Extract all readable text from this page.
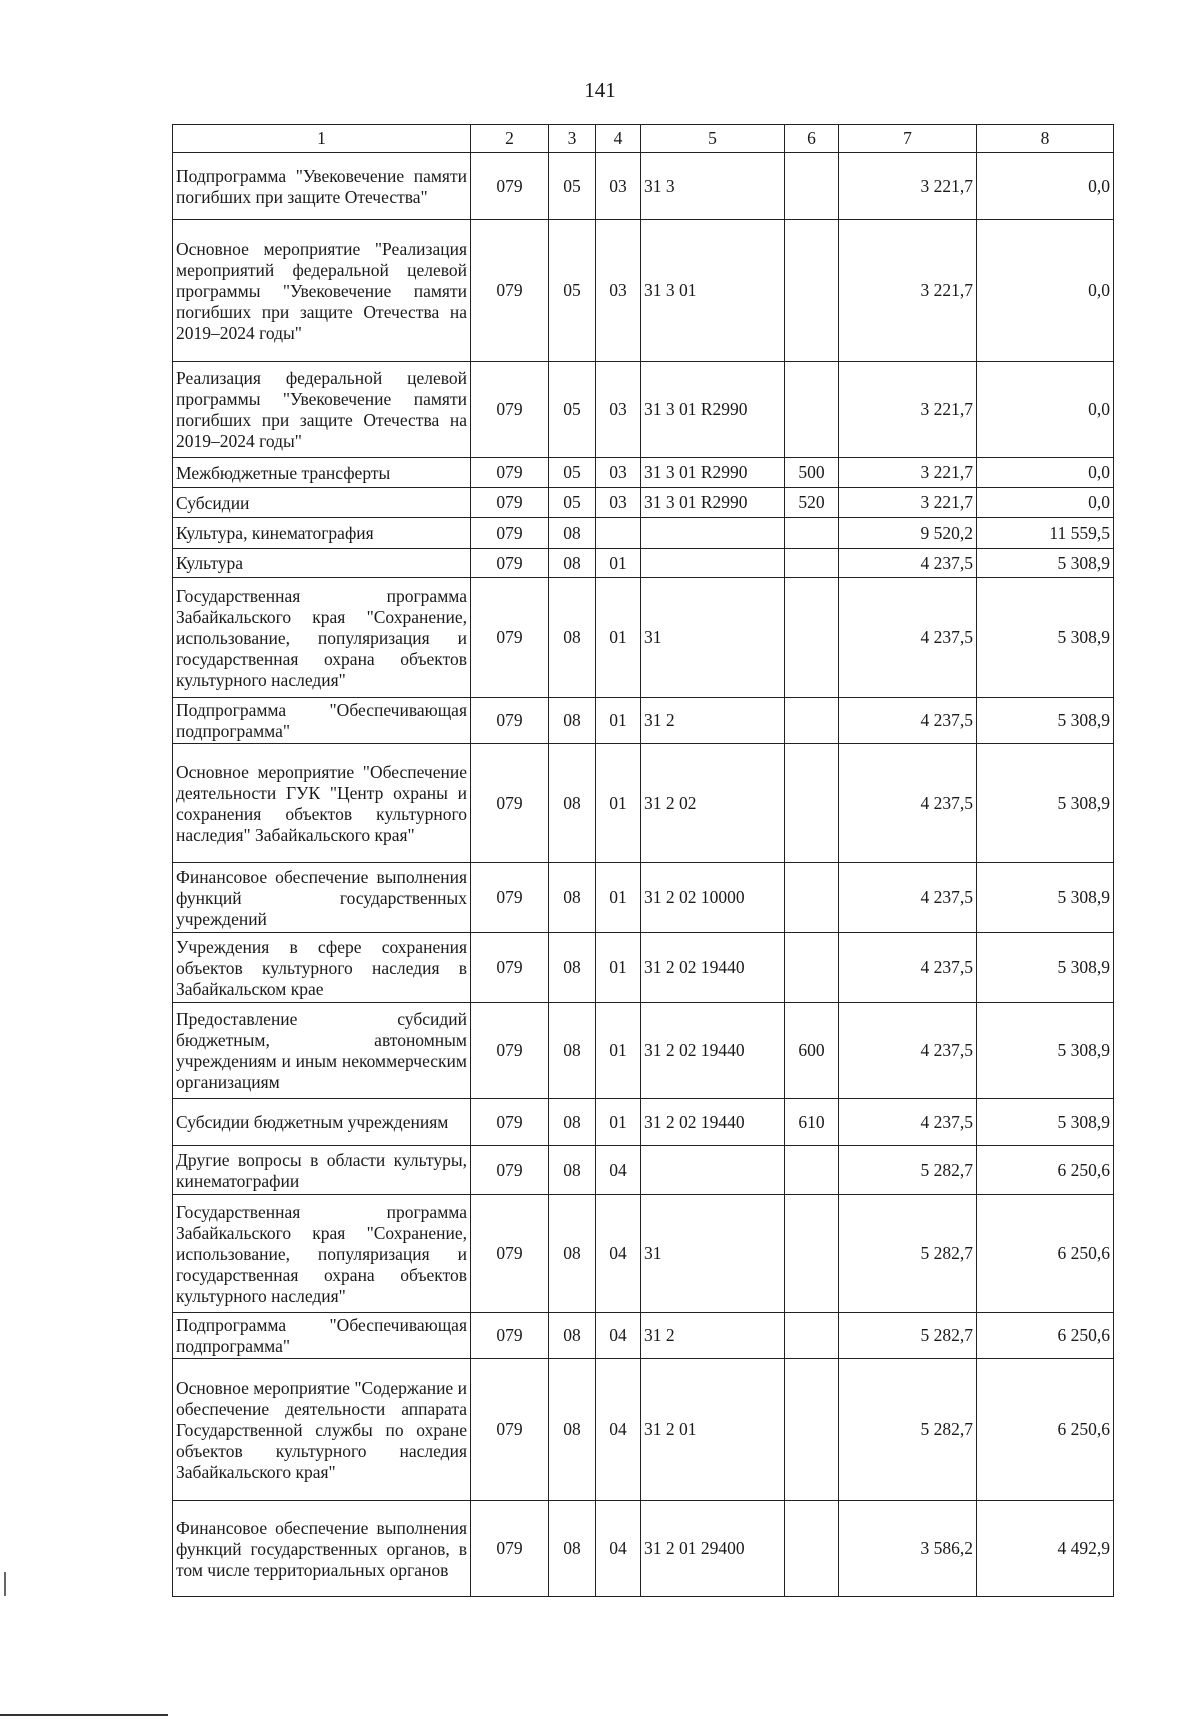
141
1	2	3	4	5	6	7	8
Подпрограмма "Увековечение памяти погибших при защите Отечества"	079	05	03	31 3		3 221,7	0,0
Основное мероприятие "Реализация мероприятий федеральной целевой программы "Увековечение памяти погибших при защите Отечества на 2019–2024 годы"	079	05	03	31 3 01		3 221,7	0,0
Реализация федеральной целевой программы "Увековечение памяти погибших при защите Отечества на 2019–2024 годы"	079	05	03	31 3 01 R2990		3 221,7	0,0
Межбюджетные трансферты	079	05	03	31 3 01 R2990	500	3 221,7	0,0
Субсидии	079	05	03	31 3 01 R2990	520	3 221,7	0,0
Культура, кинематография	079	08				9 520,2	11 559,5
Культура	079	08	01			4 237,5	5 308,9
Государственная программа Забайкальского края "Сохранение, использование, популяризация и государственная охрана объектов культурного наследия"	079	08	01	31		4 237,5	5 308,9
Подпрограмма "Обеспечивающая подпрограмма"	079	08	01	31 2		4 237,5	5 308,9
Основное мероприятие "Обеспечение деятельности ГУК "Центр охраны и сохранения объектов культурного наследия" Забайкальского края"	079	08	01	31 2 02		4 237,5	5 308,9
Финансовое обеспечение выполнения функций государственных учреждений	079	08	01	31 2 02 10000		4 237,5	5 308,9
Учреждения в сфере сохранения объектов культурного наследия в Забайкальском крае	079	08	01	31 2 02 19440		4 237,5	5 308,9
Предоставление субсидий бюджетным, автономным учреждениям и иным некоммерческим организациям	079	08	01	31 2 02 19440	600	4 237,5	5 308,9
Субсидии бюджетным учреждениям	079	08	01	31 2 02 19440	610	4 237,5	5 308,9
Другие вопросы в области культуры, кинематографии	079	08	04			5 282,7	6 250,6
Государственная программа Забайкальского края "Сохранение, использование, популяризация и государственная охрана объектов культурного наследия"	079	08	04	31		5 282,7	6 250,6
Подпрограмма "Обеспечивающая подпрограмма"	079	08	04	31 2		5 282,7	6 250,6
Основное мероприятие "Содержание и обеспечение деятельности аппарата Государственной службы по охране объектов культурного наследия Забайкальского края"	079	08	04	31 2 01		5 282,7	6 250,6
Финансовое обеспечение выполнения функций государственных органов, в том числе территориальных органов	079	08	04	31 2 01 29400		3 586,2	4 492,9
